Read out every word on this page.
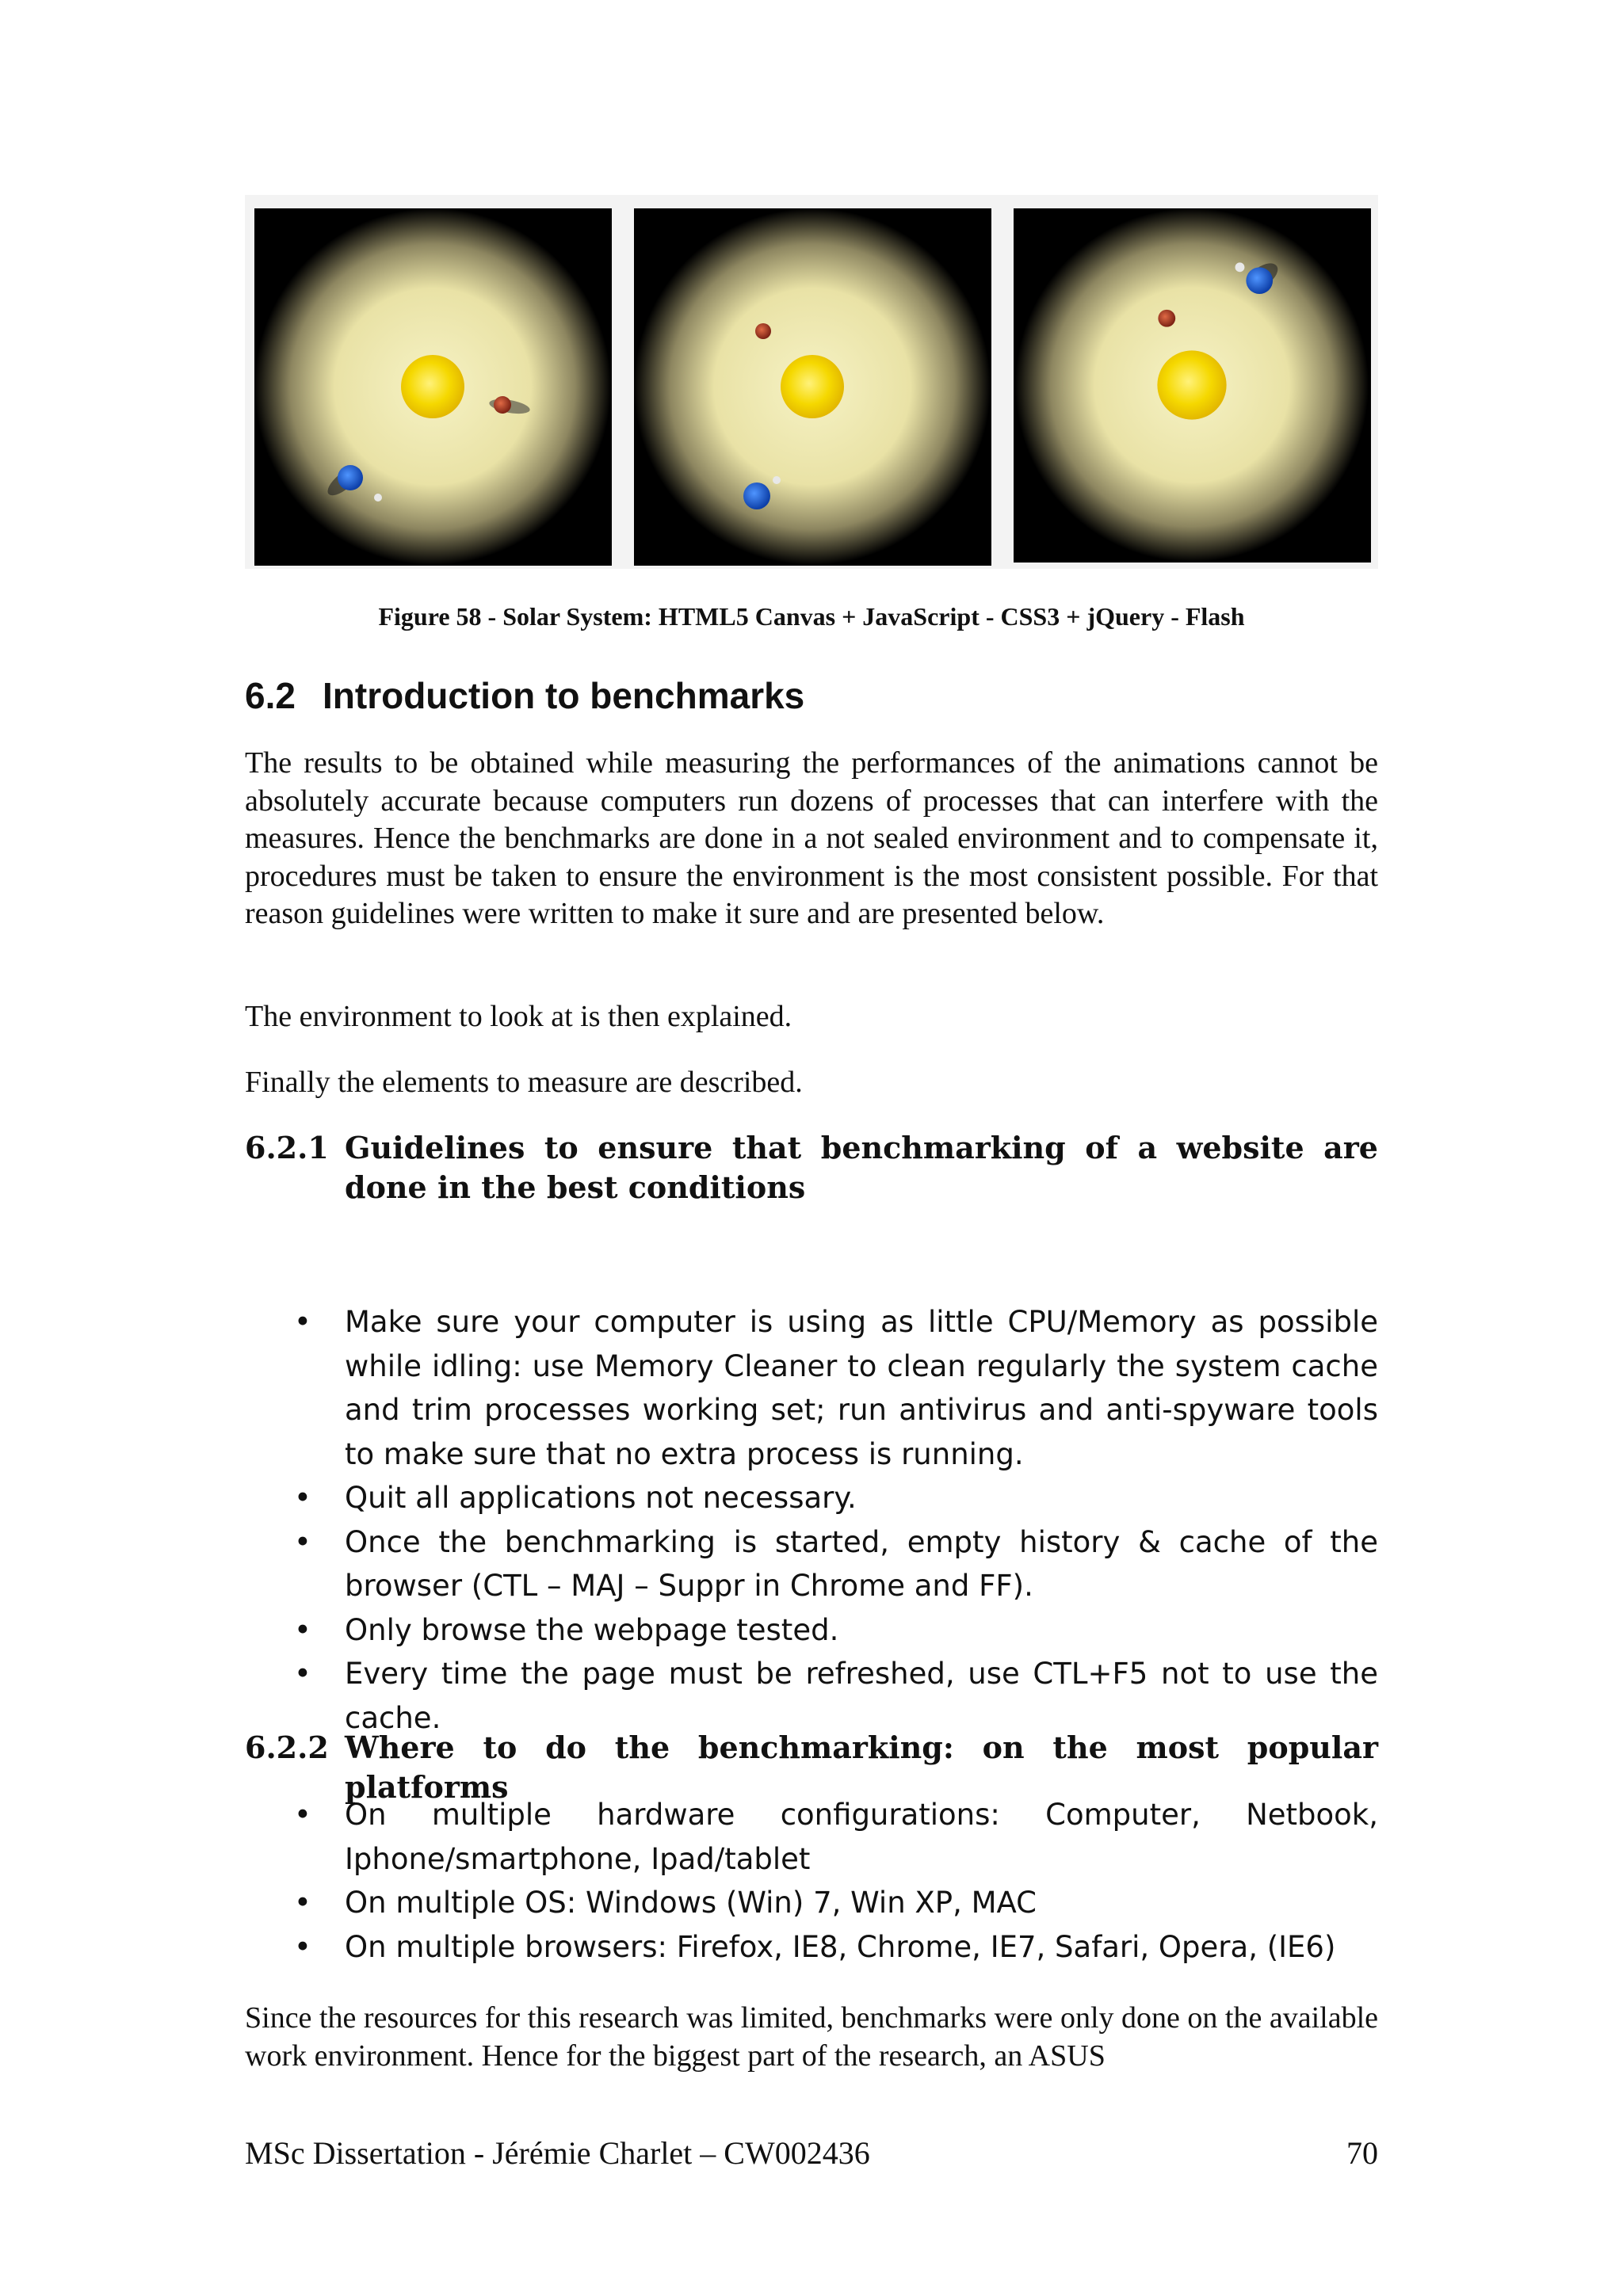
Figure 58 - Solar System: HTML5 Canvas + JavaScript - CSS3 + jQuery - Flash
6.2 Introduction to benchmarks

The results to be obtained while measuring the performances of the animations cannot be absolutely accurate because computers run dozens of processes that can interfere with the measures. Hence the benchmarks are done in a not sealed environment and to compensate it, procedures must be taken to ensure the environment is the most consistent possible. For that reason guidelines were written to make it sure and are presented below.

The environment to look at is then explained.

Finally the elements to measure are described.

6.2.1 Guidelines to ensure that benchmarking of a website are done in the best conditions
• Make sure your computer is using as little CPU/Memory as possible while idling: use Memory Cleaner to clean regularly the system cache and trim processes working set; run antivirus and anti-spyware tools to make sure that no extra process is running.
• Quit all applications not necessary.
• Once the benchmarking is started, empty history & cache of the browser (CTL – MAJ – Suppr in Chrome and FF).
• Only browse the webpage tested.
• Every time the page must be refreshed, use CTL+F5 not to use the cache.
6.2.2 Where to do the benchmarking: on the most popular platforms
• On multiple hardware configurations: Computer, Netbook,
Iphone/smartphone, Ipad/tablet
• On multiple OS: Windows (Win) 7, Win XP, MAC
• On multiple browsers: Firefox, IE8, Chrome, IE7, Safari, Opera, (IE6)

Since the resources for this research was limited, benchmarks were only done on the available work environment. Hence for the biggest part of the research, an ASUS

MSc Dissertation - Jérémie Charlet – CW002436	70
